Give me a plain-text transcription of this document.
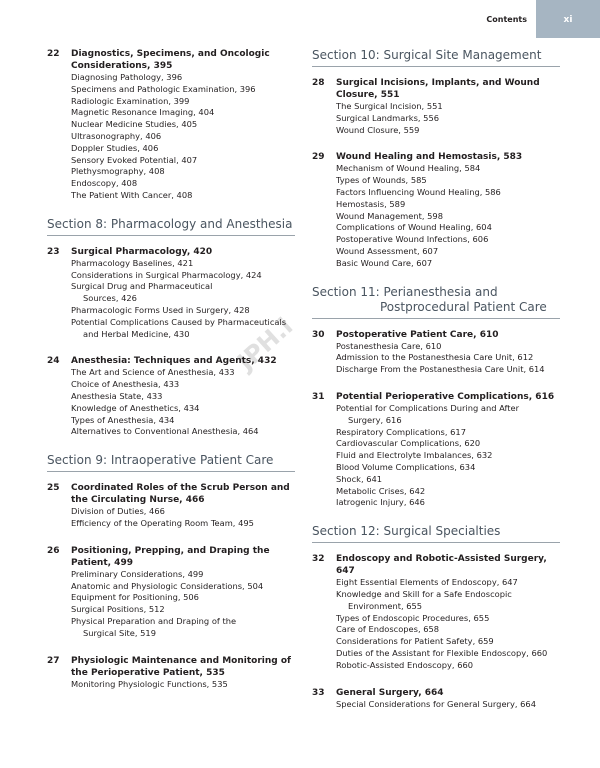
Contents	xi
JPH.i
22 Diagnostics, Specimens, and Oncologic Considerations, 395
Diagnosing Pathology, 396
Specimens and Pathologic Examination, 396
Radiologic Examination, 399
Magnetic Resonance Imaging, 404
Nuclear Medicine Studies, 405
Ultrasonography, 406
Doppler Studies, 406
Sensory Evoked Potential, 407
Plethysmography, 408
Endoscopy, 408
The Patient With Cancer, 408
Section 8: Pharmacology and Anesthesia
23 Surgical Pharmacology, 420
Pharmacology Baselines, 421
Considerations in Surgical Pharmacology, 424
Surgical Drug and Pharmaceutical
Sources, 426
Pharmacologic Forms Used in Surgery, 428
Potential Complications Caused by Pharmaceuticals
and Herbal Medicine, 430
24 Anesthesia: Techniques and Agents, 432
The Art and Science of Anesthesia, 433
Choice of Anesthesia, 433
Anesthesia State, 433
Knowledge of Anesthetics, 434
Types of Anesthesia, 434
Alternatives to Conventional Anesthesia, 464
Section 9: Intraoperative Patient Care
25 Coordinated Roles of the Scrub Person and the Circulating Nurse, 466
Division of Duties, 466
Efficiency of the Operating Room Team, 495
26 Positioning, Prepping, and Draping the Patient, 499
Preliminary Considerations, 499
Anatomic and Physiologic Considerations, 504
Equipment for Positioning, 506
Surgical Positions, 512
Physical Preparation and Draping of the
Surgical Site, 519
27 Physiologic Maintenance and Monitoring of the Perioperative Patient, 535
Monitoring Physiologic Functions, 535
Section 10: Surgical Site Management
28 Surgical Incisions, Implants, and Wound Closure, 551
The Surgical Incision, 551
Surgical Landmarks, 556
Wound Closure, 559
29 Wound Healing and Hemostasis, 583
Mechanism of Wound Healing, 584
Types of Wounds, 585
Factors Influencing Wound Healing, 586
Hemostasis, 589
Wound Management, 598
Complications of Wound Healing, 604
Postoperative Wound Infections, 606
Wound Assessment, 607
Basic Wound Care, 607
Section 11: Perianesthesia and
Postprocedural Patient Care
30 Postoperative Patient Care, 610
Postanesthesia Care, 610
Admission to the Postanesthesia Care Unit, 612
Discharge From the Postanesthesia Care Unit, 614
31 Potential Perioperative Complications, 616
Potential for Complications During and After
Surgery, 616
Respiratory Complications, 617
Cardiovascular Complications, 620
Fluid and Electrolyte Imbalances, 632
Blood Volume Complications, 634
Shock, 641
Metabolic Crises, 642
Iatrogenic Injury, 646
Section 12: Surgical Specialties
32 Endoscopy and Robotic-Assisted Surgery, 647
Eight Essential Elements of Endoscopy, 647
Knowledge and Skill for a Safe Endoscopic
Environment, 655
Types of Endoscopic Procedures, 655
Care of Endoscopes, 658
Considerations for Patient Safety, 659
Duties of the Assistant for Flexible Endoscopy, 660
Robotic-Assisted Endoscopy, 660
33 General Surgery, 664
Special Considerations for General Surgery, 664
